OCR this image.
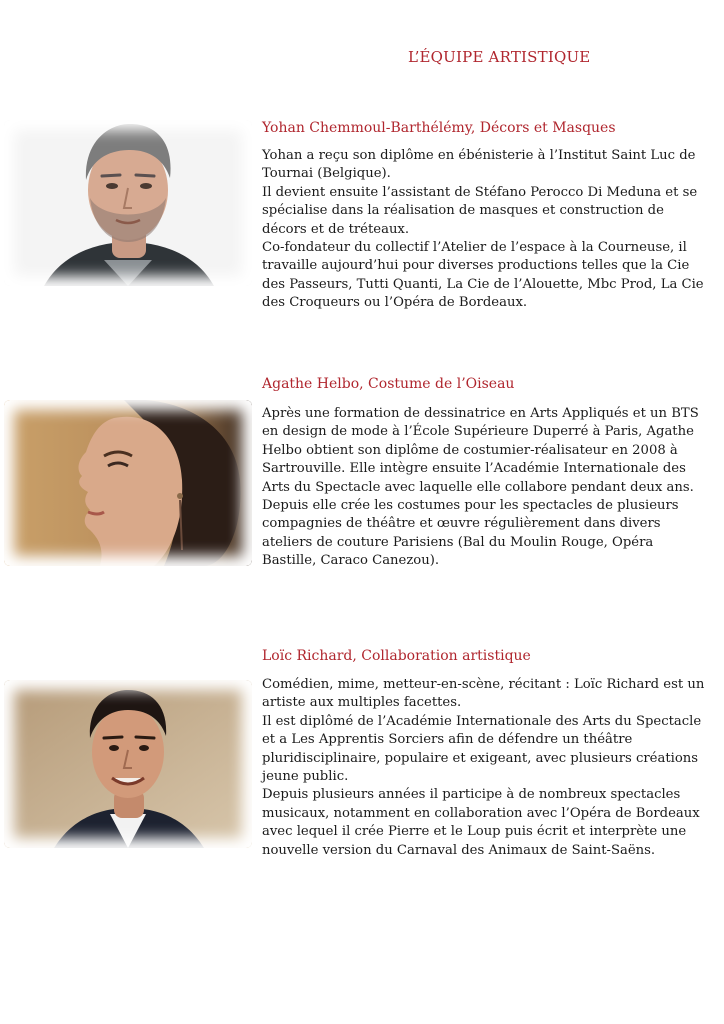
L’ÉQUIPE ARTISTIQUE
Yohan Chemmoul-Barthélémy, Décors et Masques

Yohan a reçu son diplôme en ébénisterie à l’Institut Saint Luc de Tournai (Belgique).

Il devient ensuite l’assistant de Stéfano Perocco Di Meduna et se spécialise dans la réalisation de masques et construction de décors et de tréteaux.

Co-fondateur du collectif l’Atelier de l’espace à la Courneuse, il travaille aujourd’hui pour diverses productions telles que la Cie des Passeurs, Tutti Quanti, La Cie de l’Alouette, Mbc Prod, La Cie des Croqueurs ou l’Opéra de Bordeaux.

Agathe Helbo, Costume de l’Oiseau

Après une formation de dessinatrice en Arts Appliqués et un BTS en design de mode à l’École Supérieure Duperré à Paris, Agathe Helbo obtient son diplôme de costumier-réalisateur en 2008 à Sartrouville. Elle intègre ensuite l’Académie Internationale des Arts du Spectacle avec laquelle elle collabore pendant deux ans. Depuis elle crée les costumes pour les spectacles de plusieurs compagnies de théâtre et œuvre régulièrement dans divers ateliers de couture Parisiens (Bal du Moulin Rouge, Opéra Bastille, Caraco Canezou).

Loïc Richard, Collaboration artistique

Comédien, mime, metteur-en-scène, récitant : Loïc Richard est un artiste aux multiples facettes.

Il est diplômé de l’Académie Internationale des Arts du Spectacle et a Les Apprentis Sorciers afin de défendre un théâtre pluridisciplinaire, populaire et exigeant, avec plusieurs créations jeune public.

Depuis plusieurs années il participe à de nombreux spectacles musicaux, notamment en collaboration avec l’Opéra de Bordeaux avec lequel il crée Pierre et le Loup puis écrit et interprète une nouvelle version du Carnaval des Animaux de Saint-Saëns.
